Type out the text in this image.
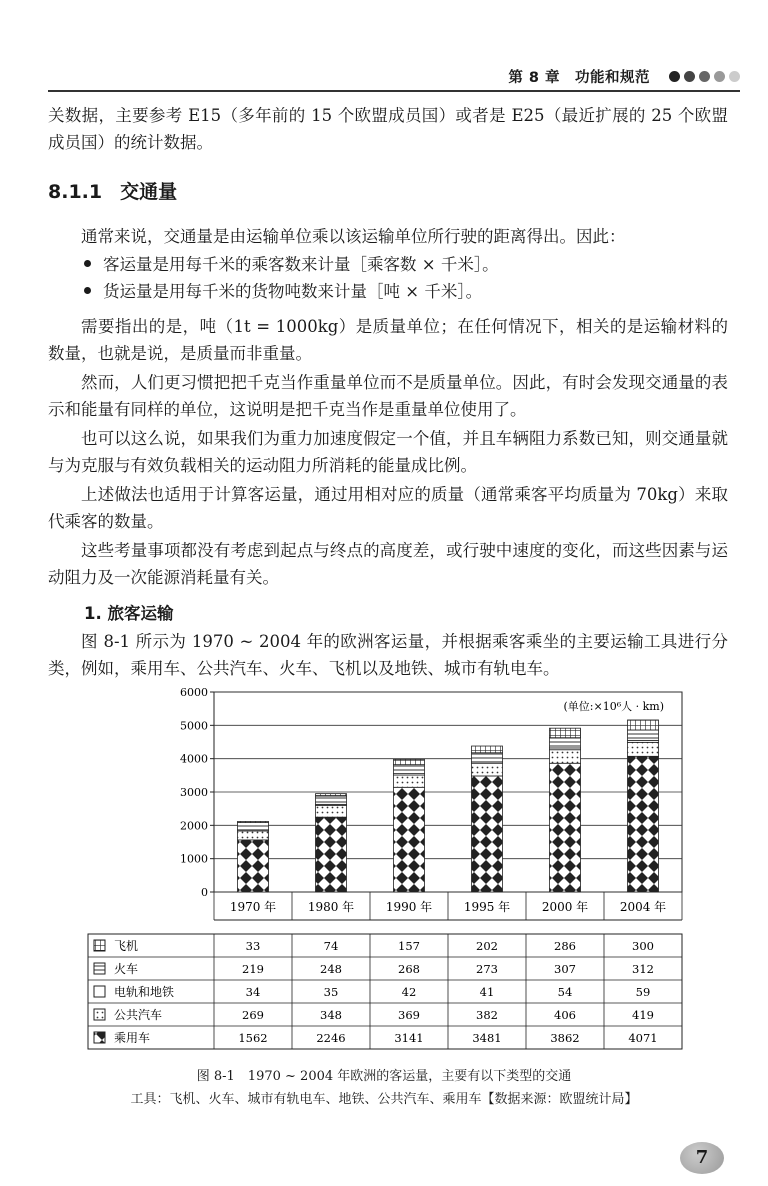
第 8 章　功能和规范

关数据，主要参考 E15（多年前的 15 个欧盟成员国）或者是 E25（最近扩展的 25 个欧盟成员国）的统计数据。

8.1.1 交通量

通常来说，交通量是由运输单位乘以该运输单位所行驶的距离得出。因此：

客运量是用每千米的乘客数来计量［乘客数 × 千米］。
货运量是用每千米的货物吨数来计量［吨 × 千米］。

需要指出的是，吨（1t = 1000kg）是质量单位；在任何情况下，相关的是运输材料的数量，也就是说，是质量而非重量。

然而，人们更习惯把把千克当作重量单位而不是质量单位。因此，有时会发现交通量的表示和能量有同样的单位，这说明是把千克当作是重量单位使用了。

也可以这么说，如果我们为重力加速度假定一个值，并且车辆阻力系数已知，则交通量就与为克服与有效负载相关的运动阻力所消耗的能量成比例。

上述做法也适用于计算客运量，通过用相对应的质量（通常乘客平均质量为 70kg）来取代乘客的数量。

这些考量事项都没有考虑到起点与终点的高度差，或行驶中速度的变化，而这些因素与运动阻力及一次能源消耗量有关。

1. 旅客运输

图 8-1 所示为 1970 ~ 2004 年的欧洲客运量，并根据乘客乘坐的主要运输工具进行分类，例如，乘用车、公共汽车、火车、飞机以及地铁、城市有轨电车。

0
1000
2000
3000
4000
5000
6000
1970 年	1980 年	1990 年	1995 年	2000 年	2004 年
飞机	33	74	157	202	286	300
火车	219	248	268	273	307	312
电轨和地铁	34	35	42	41	54	59
公共汽车	269	348	369	382	406	419
乘用车	1562	2246	3141	3481	3862	4071
(单位:×10⁶人 · km)
图 8-1　1970 ~ 2004 年欧洲的客运量，主要有以下类型的交通
工具：飞机、火车、城市有轨电车、地铁、公共汽车、乘用车【数据来源：欧盟统计局】
7
